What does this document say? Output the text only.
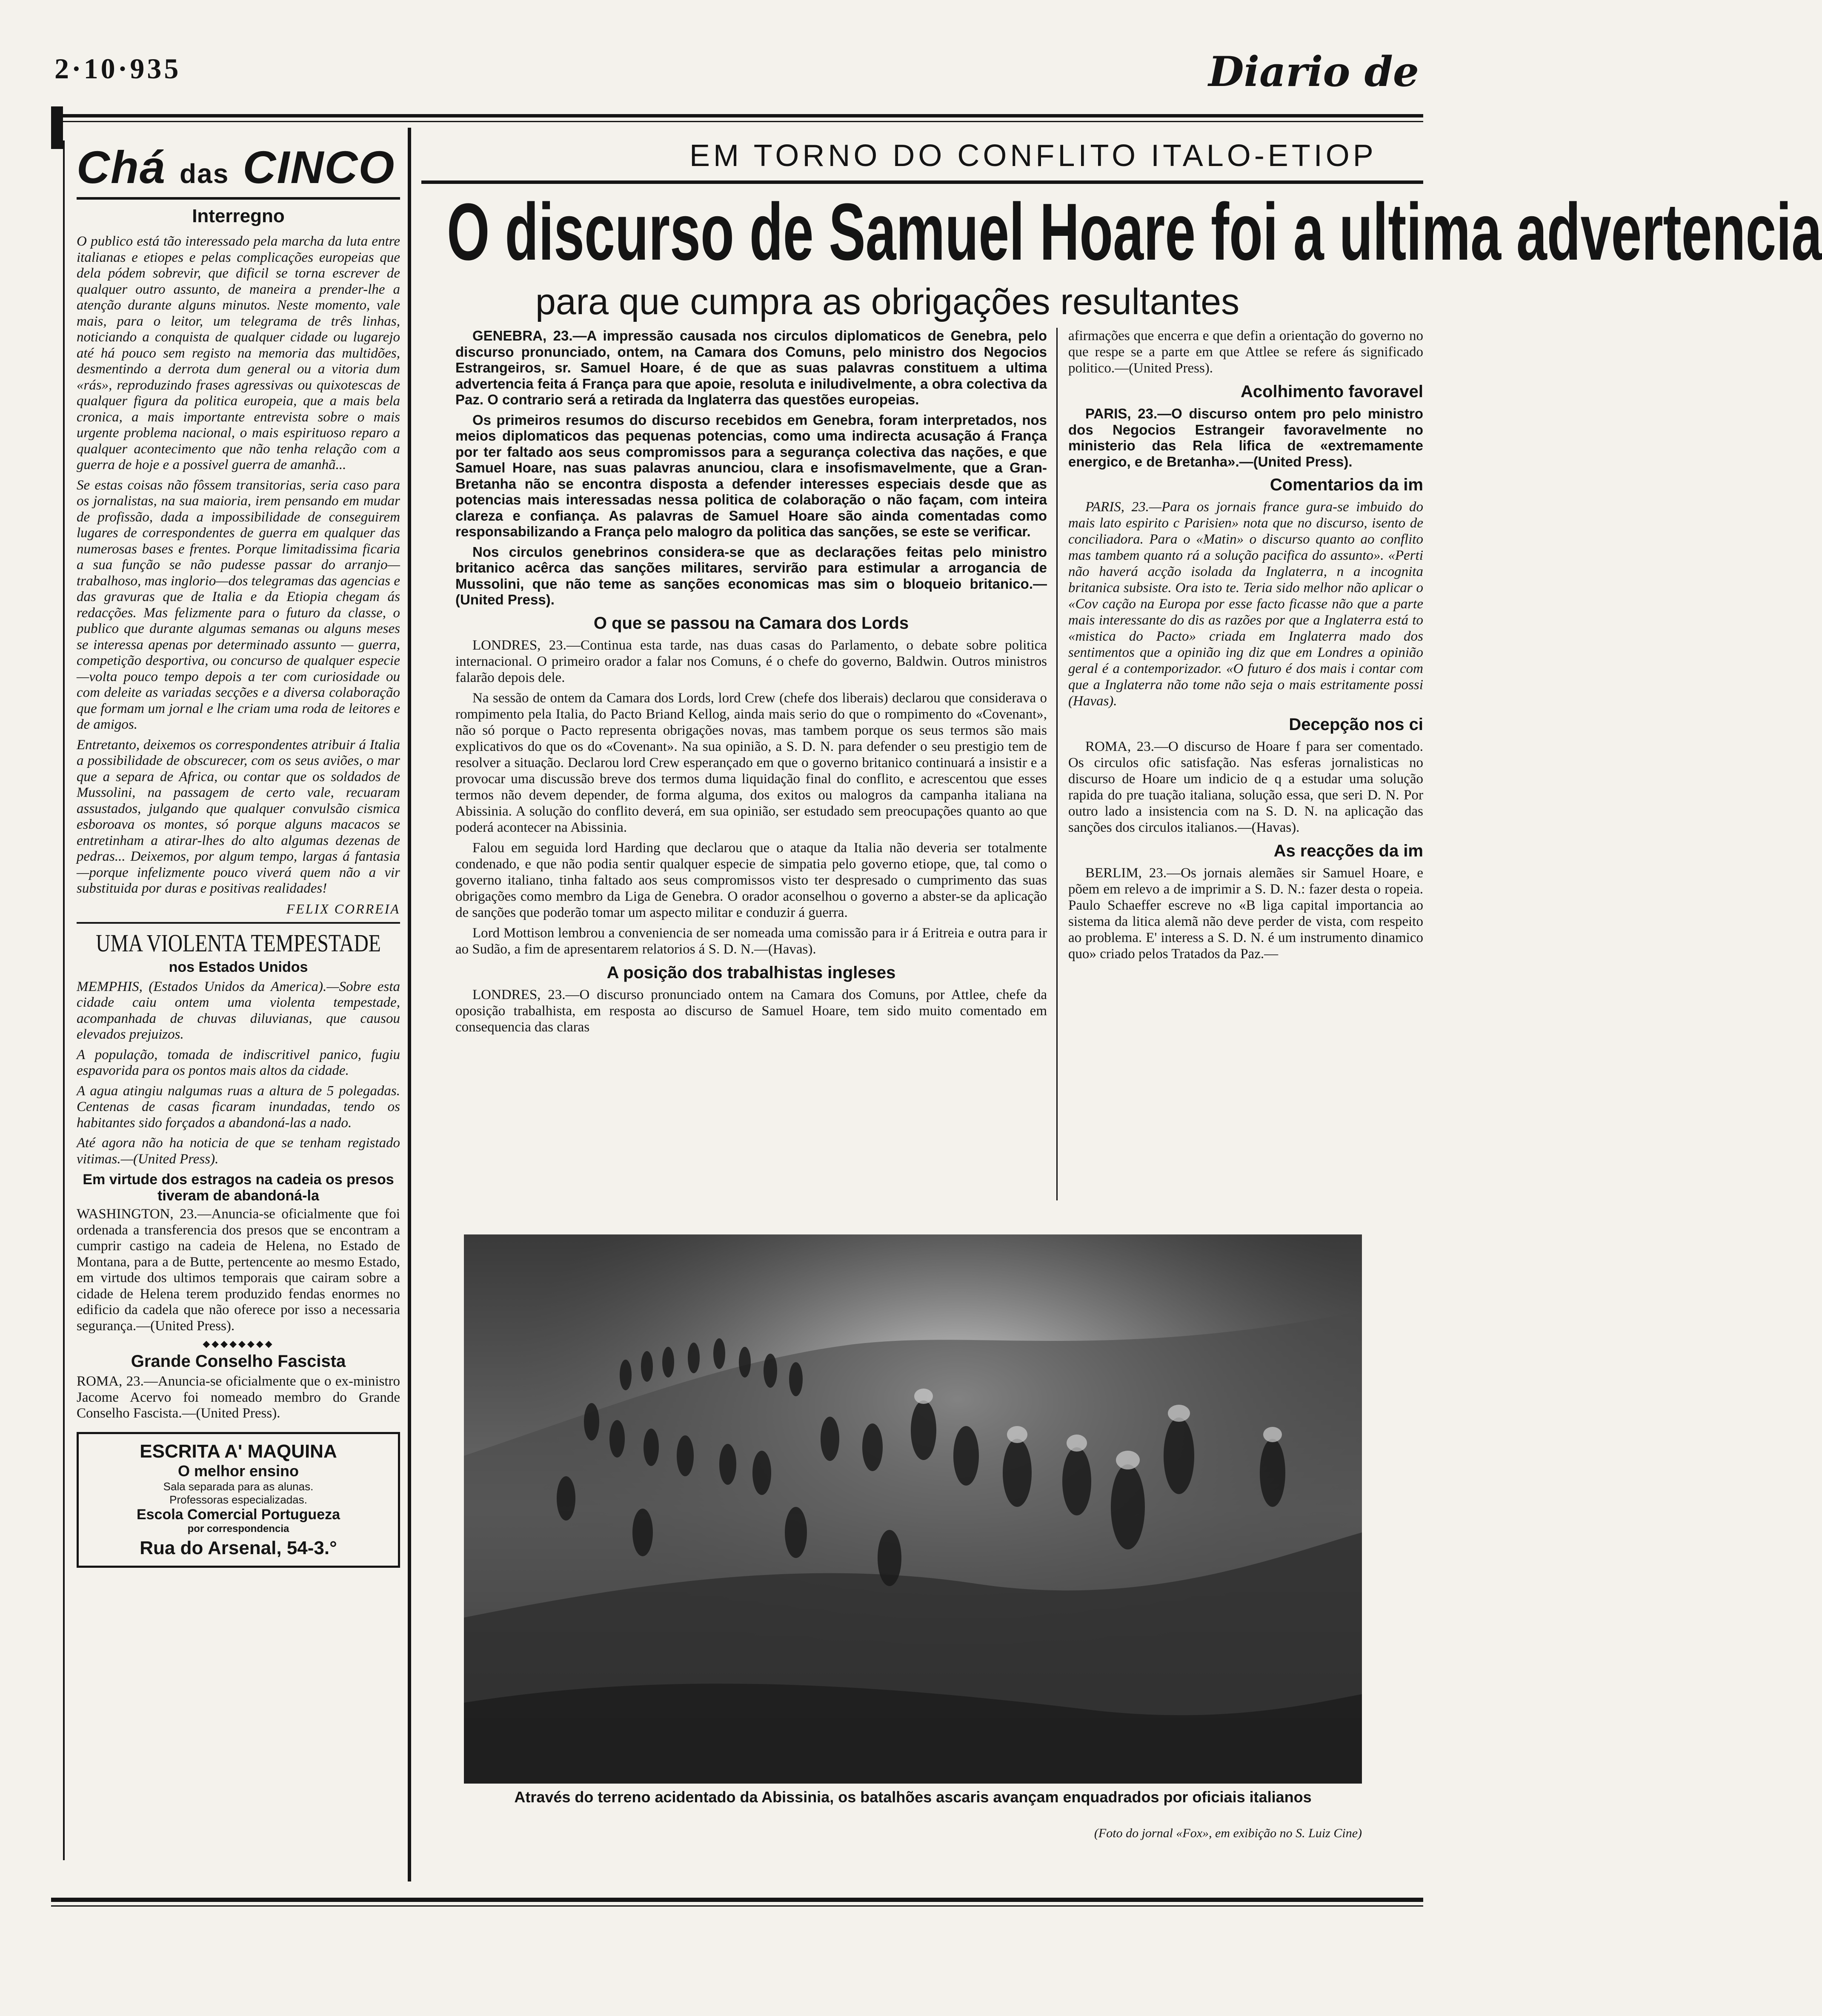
2·10·935	Diario de
Chá das CINCO
Interregno

O publico está tão interessado pela marcha da luta entre italianas e etiopes e pelas complicações europeias que dela pódem sobrevir, que dificil se torna escrever de qualquer outro assunto, de maneira a prender-lhe a atenção durante alguns minutos. Neste momento, vale mais, para o leitor, um telegrama de três linhas, noticiando a conquista de qualquer cidade ou lugarejo até há pouco sem registo na memoria das multidões, desmentindo a derrota dum general ou a vitoria dum «rás», reproduzindo frases agressivas ou quixotescas de qualquer figura da politica europeia, que a mais bela cronica, a mais importante entrevista sobre o mais urgente problema nacional, o mais espirituoso reparo a qualquer acontecimento que não tenha relação com a guerra de hoje e a possivel guerra de amanhã...

Se estas coisas não fôssem transitorias, seria caso para os jornalistas, na sua maioria, irem pensando em mudar de profissão, dada a impossibilidade de conseguirem lugares de correspondentes de guerra em qualquer das numerosas bases e frentes. Porque limitadissima ficaria a sua função se não pudesse passar do arranjo—trabalhoso, mas inglorio—dos telegramas das agencias e das gravuras que de Italia e da Etiopia chegam ás redacções. Mas felizmente para o futuro da classe, o publico que durante algumas semanas ou alguns meses se interessa apenas por determinado assunto — guerra, competição desportiva, ou concurso de qualquer especie—volta pouco tempo depois a ter com curiosidade ou com deleite as variadas secções e a diversa colaboração que formam um jornal e lhe criam uma roda de leitores e de amigos.

Entretanto, deixemos os correspondentes atribuir á Italia a possibilidade de obscurecer, com os seus aviões, o mar que a separa de Africa, ou contar que os soldados de Mussolini, na passagem de certo vale, recuaram assustados, julgando que qualquer convulsão cismica esboroava os montes, só porque alguns macacos se entretinham a atirar-lhes do alto algumas dezenas de pedras... Deixemos, por algum tempo, largas á fantasia—porque infelizmente pouco viverá quem não a vir substituida por duras e positivas realidades!

FELIX CORREIA
UMA VIOLENTA TEMPESTADE
nos Estados Unidos

MEMPHIS, (Estados Unidos da America).—Sobre esta cidade caiu ontem uma violenta tempestade, acompanhada de chuvas diluvianas, que causou elevados prejuizos.

A população, tomada de indiscritivel panico, fugiu espavorida para os pontos mais altos da cidade.

A agua atingiu nalgumas ruas a altura de 5 polegadas. Centenas de casas ficaram inundadas, tendo os habitantes sido forçados a abandoná-las a nado.

Até agora não ha noticia de que se tenham registado vitimas.—(United Press).

Em virtude dos estragos na cadeia os presos tiveram de abandoná-la

WASHINGTON, 23.—Anuncia-se oficialmente que foi ordenada a transferencia dos presos que se encontram a cumprir castigo na cadeia de Helena, no Estado de Montana, para a de Butte, pertencente ao mesmo Estado, em virtude dos ultimos temporais que cairam sobre a cidade de Helena terem produzido fendas enormes no edificio da cadela que não oferece por isso a necessaria segurança.—(United Press).

◆◆◆◆◆◆◆◆
Grande Conselho Fascista

ROMA, 23.—Anuncia-se oficialmente que o ex-ministro Jacome Acervo foi nomeado membro do Grande Conselho Fascista.—(United Press).

ESCRITA A' MAQUINA
O melhor ensino
Sala separada para as alunas.
Professoras especializadas.
Escola Comercial Portugueza
por correspondencia
Rua do Arsenal, 54-3.°
EM TORNO DO CONFLITO ITALO-ETIOP
O discurso de Samuel Hoare foi a ultima advertencia
para que cumpra as obrigações resultantes

GENEBRA, 23.—A impressão causada nos circulos diplomaticos de Genebra, pelo discurso pronunciado, ontem, na Camara dos Comuns, pelo ministro dos Negocios Estrangeiros, sr. Samuel Hoare, é de que as suas palavras constituem a ultima advertencia feita á França para que apoie, resoluta e iniludivelmente, a obra colectiva da Paz. O contrario será a retirada da Inglaterra das questões europeias.

Os primeiros resumos do discurso recebidos em Genebra, foram interpretados, nos meios diplomaticos das pequenas potencias, como uma indirecta acusação á França por ter faltado aos seus compromissos para a segurança colectiva das nações, e que Samuel Hoare, nas suas palavras anunciou, clara e insofismavelmente, que a Gran-Bretanha não se encontra disposta a defender interesses especiais desde que as potencias mais interessadas nessa politica de colaboração o não façam, com inteira clareza e confiança. As palavras de Samuel Hoare são ainda comentadas como responsabilizando a França pelo malogro da politica das sanções, se este se verificar.

Nos circulos genebrinos considera-se que as declarações feitas pelo ministro britanico acêrca das sanções militares, servirão para estimular a arrogancia de Mussolini, que não teme as sanções economicas mas sim o bloqueio britanico.—(United Press).

O que se passou na Camara dos Lords

LONDRES, 23.—Continua esta tarde, nas duas casas do Parlamento, o debate sobre politica internacional. O primeiro orador a falar nos Comuns, é o chefe do governo, Baldwin. Outros ministros falarão depois dele.

Na sessão de ontem da Camara dos Lords, lord Crew (chefe dos liberais) declarou que considerava o rompimento pela Italia, do Pacto Briand Kellog, ainda mais serio do que o rompimento do «Covenant», não só porque o Pacto representa obrigações novas, mas tambem porque os seus termos são mais explicativos do que os do «Covenant». Na sua opinião, a S. D. N. para defender o seu prestigio tem de resolver a situação. Declarou lord Crew esperançado em que o governo britanico continuará a insistir e a provocar uma discussão breve dos termos duma liquidação final do conflito, e acrescentou que esses termos não devem depender, de forma alguma, dos exitos ou malogros da campanha italiana na Abissinia. A solução do conflito deverá, em sua opinião, ser estudado sem preocupações quanto ao que poderá acontecer na Abissinia.

Falou em seguida lord Harding que declarou que o ataque da Italia não deveria ser totalmente condenado, e que não podia sentir qualquer especie de simpatia pelo governo etiope, que, tal como o governo italiano, tinha faltado aos seus compromissos visto ter despresado o cumprimento das suas obrigações como membro da Liga de Genebra. O orador aconselhou o governo a abster-se da aplicação de sanções que poderão tomar um aspecto militar e conduzir á guerra.

Lord Mottison lembrou a conveniencia de ser nomeada uma comissão para ir á Eritreia e outra para ir ao Sudão, a fim de apresentarem relatorios á S. D. N.—(Havas).

A posição dos trabalhistas ingleses

LONDRES, 23.—O discurso pronunciado ontem na Camara dos Comuns, por Attlee, chefe da oposição trabalhista, em resposta ao discurso de Samuel Hoare, tem sido muito comentado em consequencia das claras

afirmações que encerra e que defin a orientação do governo no que respe se a parte em que Attlee se refere ás significado politico.—(United Press).

Acolhimento favoravel

PARIS, 23.—O discurso ontem pro pelo ministro dos Negocios Estrangeir favoravelmente no ministerio das Rela lifica de «extremamente energico, e de Bretanha».—(United Press).

Comentarios da im

PARIS, 23.—Para os jornais france gura-se imbuido do mais lato espirito c Parisien» nota que no discurso, isento de conciliadora. Para o «Matin» o discurso quanto ao conflito mas tambem quanto rá a solução pacifica do assunto». «Perti não haverá acção isolada da Inglaterra, n a incognita britanica subsiste. Ora isto te. Teria sido melhor não aplicar o «Cov cação na Europa por esse facto ficasse não que a parte mais interessante do dis as razões por que a Inglaterra está to «mistica do Pacto» criada em Inglaterra mado dos sentimentos que a opinião ing diz que em Londres a opinião geral é a contemporizador. «O futuro é dos mais i contar com que a Inglaterra não tome não seja o mais estritamente possi (Havas).

Decepção nos ci

ROMA, 23.—O discurso de Hoare f para ser comentado. Os circulos ofic satisfação. Nas esferas jornalisticas no discurso de Hoare um indicio de q a estudar uma solução rapida do pre tuação italiana, solução essa, que seri D. N. Por outro lado a insistencia com na S. D. N. na aplicação das sanções dos circulos italianos.—(Havas).

As reacções da im

BERLIM, 23.—Os jornais alemães sir Samuel Hoare, e põem em relevo a de imprimir a S. D. N.: fazer desta o ropeia. Paulo Schaeffer escreve no «B liga capital importancia ao sistema da litica alemã não deve perder de vista, com respeito ao problema. E' interess a S. D. N. é um instrumento dinamico quo» criado pelos Tratados da Paz.—

Através do terreno acidentado da Abissinia, os batalhões ascaris avançam enquadrados por oficiais italianos
(Foto do jornal «Fox», em exibição no S. Luiz Cine)
